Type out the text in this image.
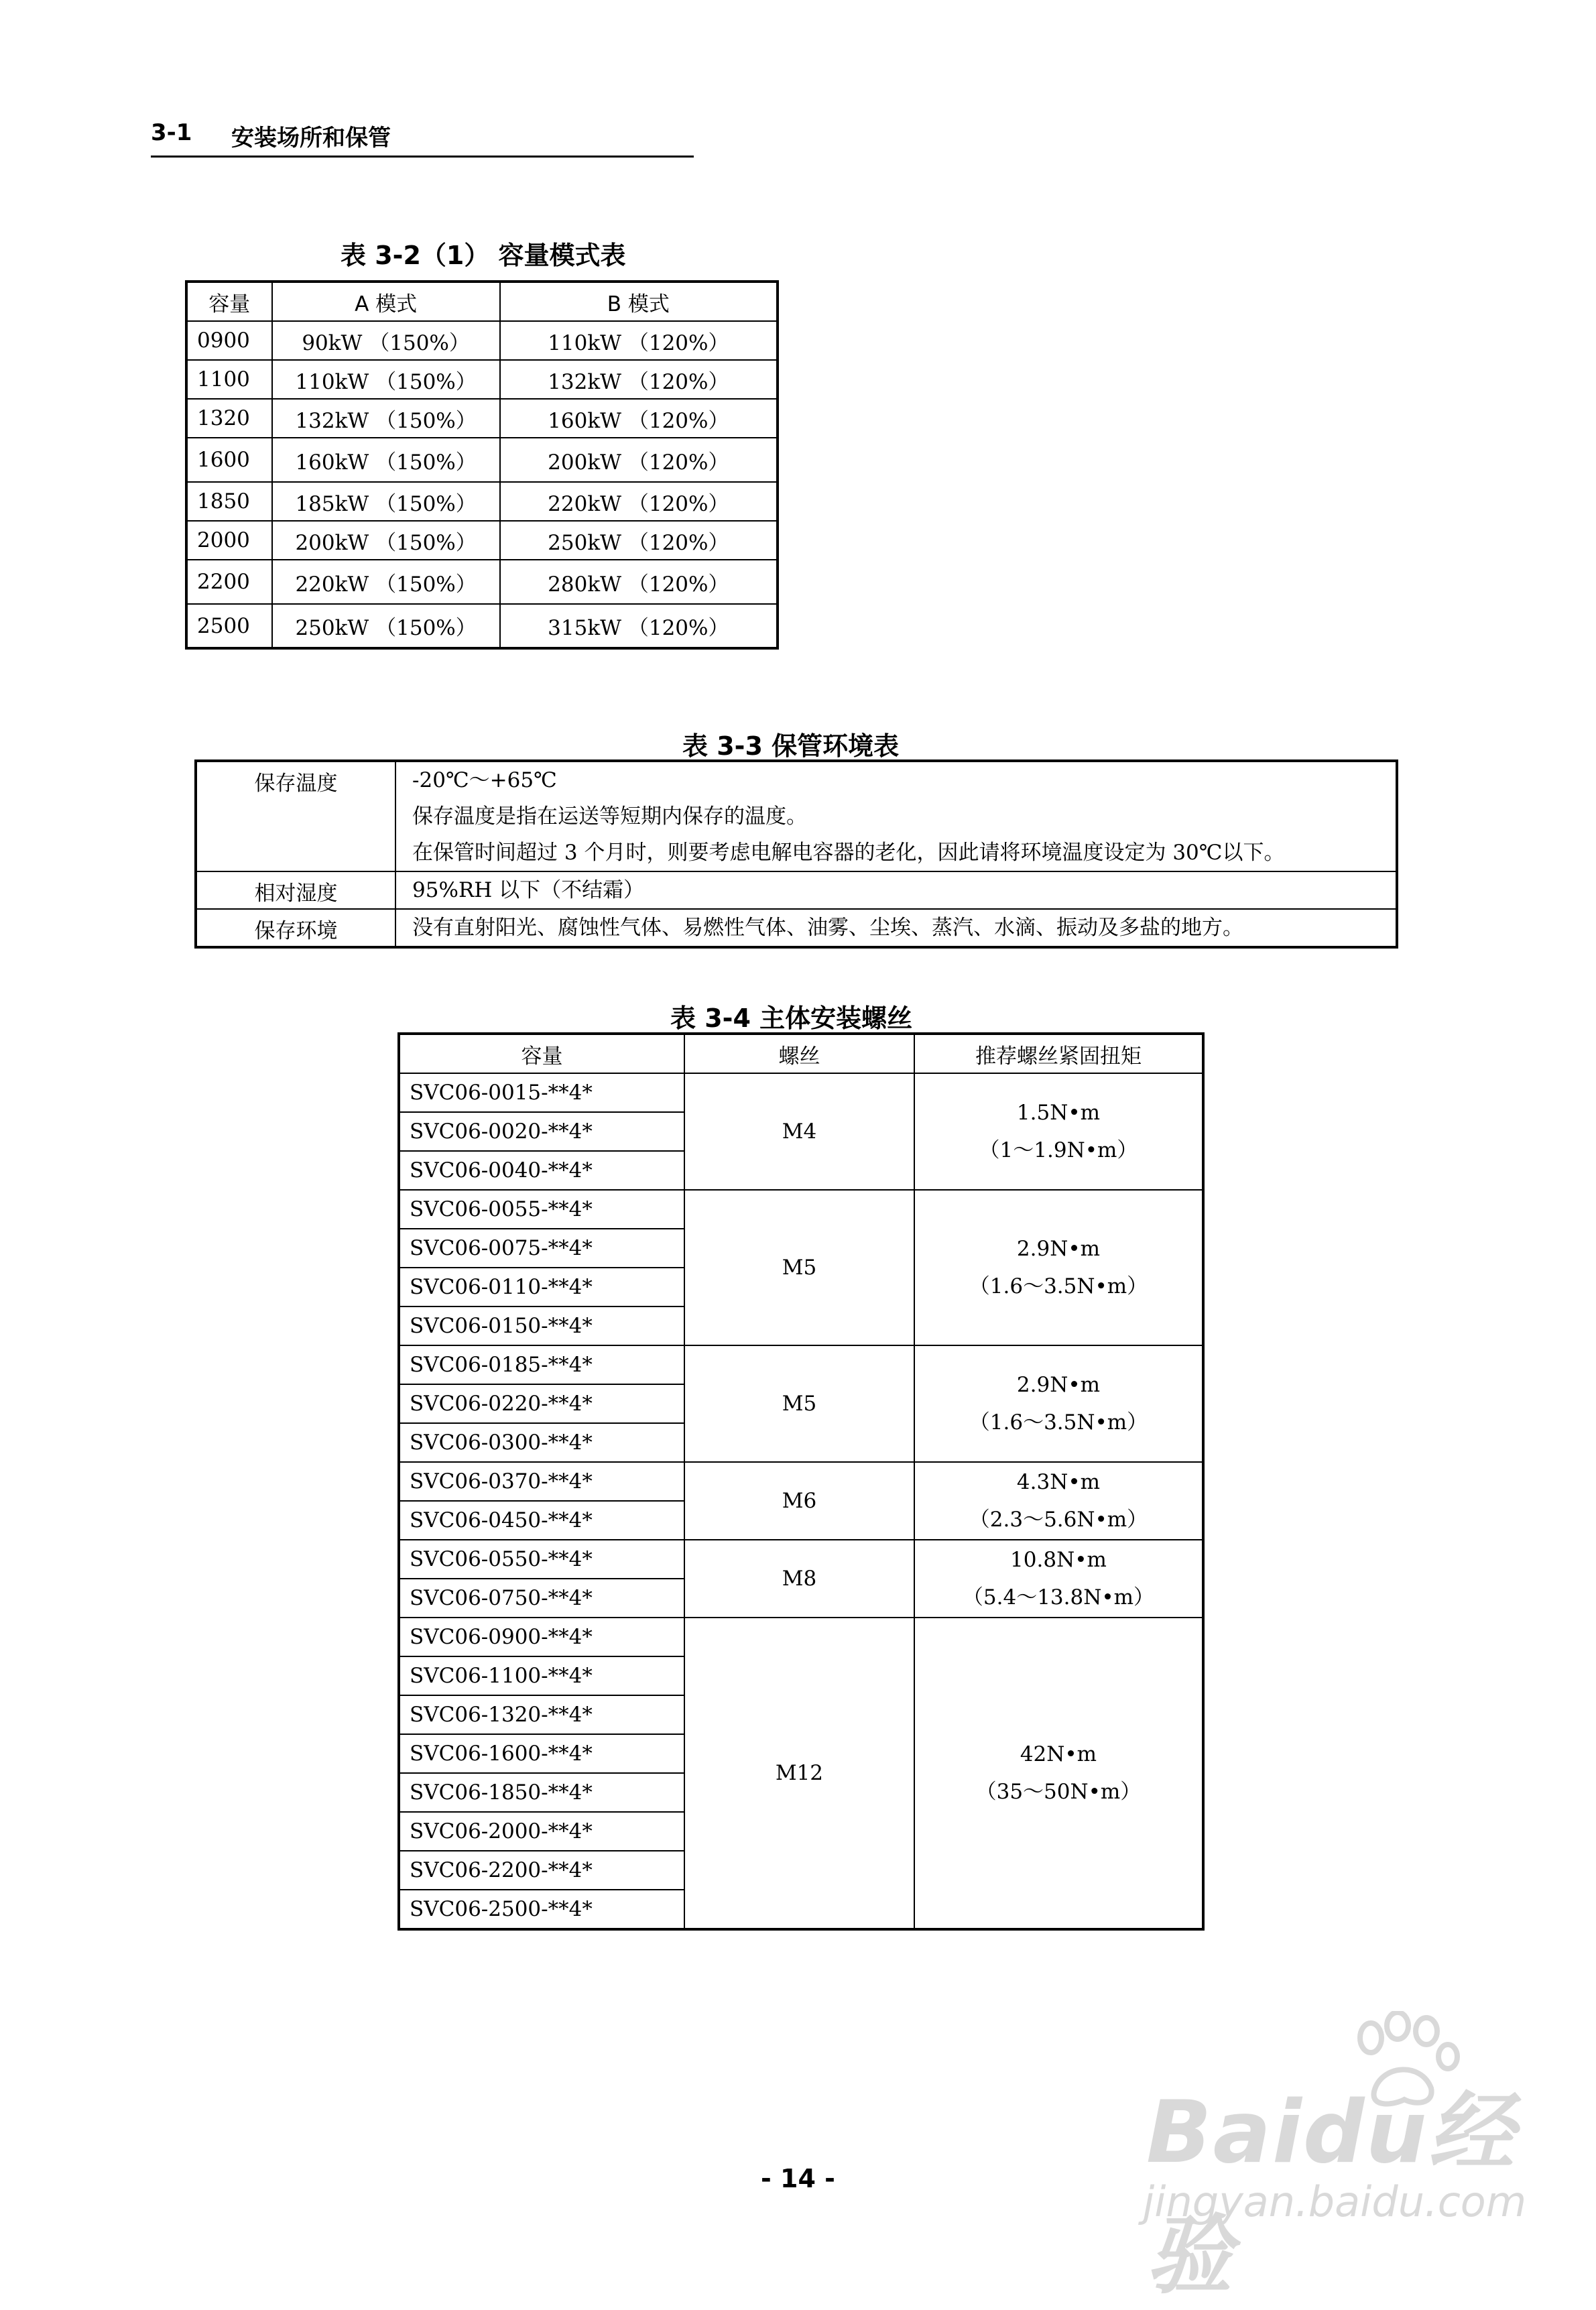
3-1 安装场所和保管
表 3-2（1） 容量模式表
容量	A 模式	B 模式
0900	90kW （150%）	110kW （120%）
1100	110kW （150%）	132kW （120%）
1320	132kW （150%）	160kW （120%）
1600	160kW （150%）	200kW （120%）
1850	185kW （150%）	220kW （120%）
2000	200kW （150%）	250kW （120%）
2200	220kW （150%）	280kW （120%）
2500	250kW （150%）	315kW （120%）
表 3-3 保管环境表
保存温度	-20℃～+65℃
保存温度是指在运送等短期内保存的温度。
在保管时间超过 3 个月时，则要考虑电解电容器的老化，因此请将环境温度设定为 30℃以下。

相对湿度	95%RH 以下（不结霜）

保存环境	没有直射阳光、腐蚀性气体、易燃性气体、油雾、尘埃、蒸汽、水滴、振动及多盐的地方。
表 3-4 主体安装螺丝
容量	螺丝	推荐螺丝紧固扭矩
SVC06-0015-**4*	M4	1.5N•m
（1～1.9N•m）

SVC06-0020-**4*		
SVC06-0040-**4*		
SVC06-0055-**4*	M5	2.9N•m
（1.6～3.5N•m）

SVC06-0075-**4*		
SVC06-0110-**4*		
SVC06-0150-**4*		
SVC06-0185-**4*	M5	2.9N•m
（1.6～3.5N•m）

SVC06-0220-**4*		
SVC06-0300-**4*		
SVC06-0370-**4*	M6	4.3N•m
（2.3～5.6N•m）

SVC06-0450-**4*		
SVC06-0550-**4*	M8	10.8N•m
（5.4～13.8N•m）

SVC06-0750-**4*		
SVC06-0900-**4*	M12	42N•m
（35～50N•m）

SVC06-1100-**4*		
SVC06-1320-**4*		
SVC06-1600-**4*		
SVC06-1850-**4*		
SVC06-2000-**4*		
SVC06-2200-**4*		
SVC06-2500-**4*		
- 14 -	Baidu经验
jingyan.baidu.com
